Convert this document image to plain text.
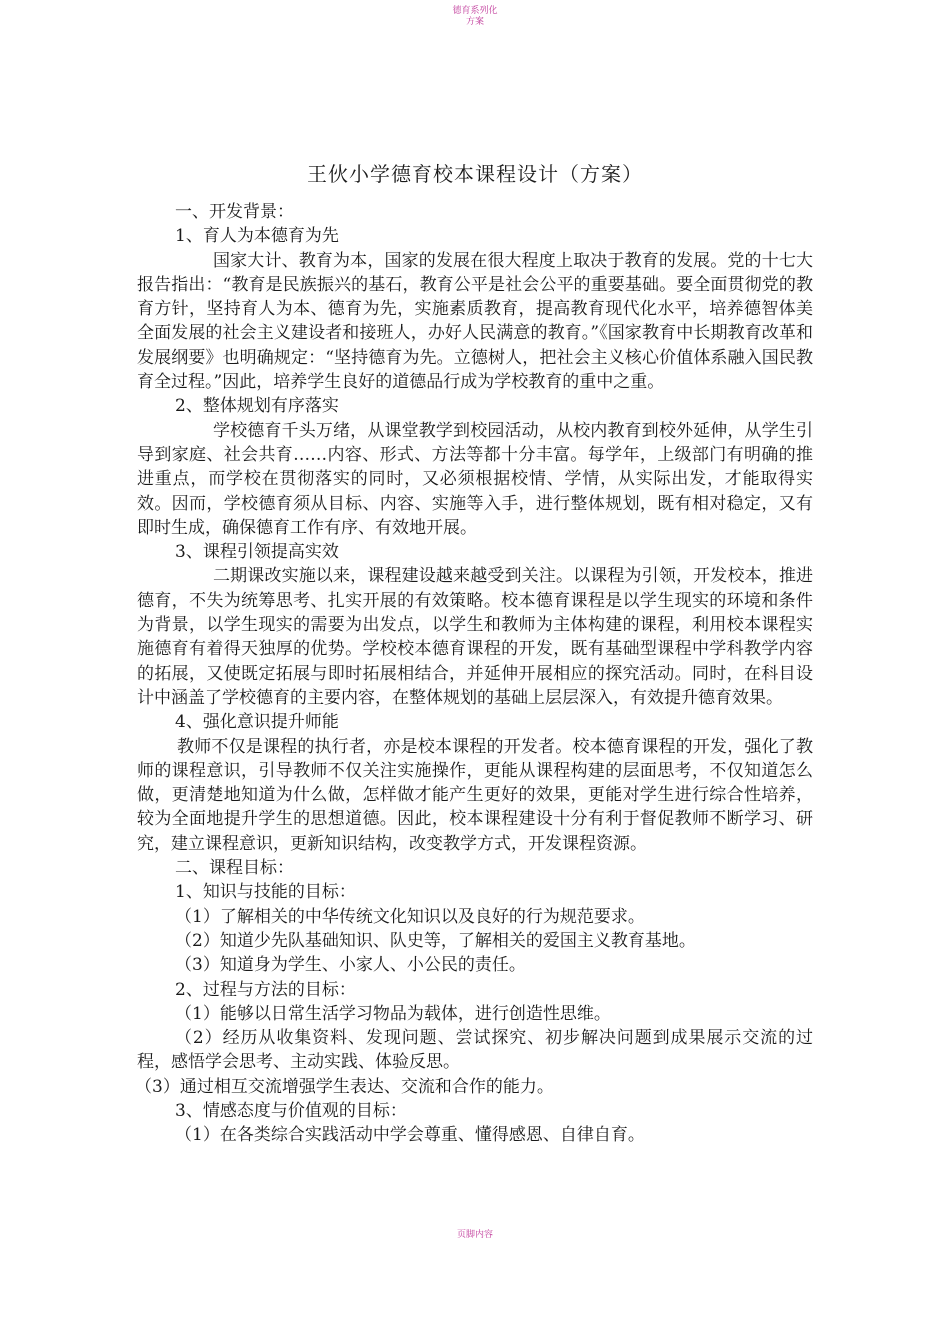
德育系列化
方案
王伙小学德育校本课程设计（方案）

一、开发背景：

1、育人为本德育为先

国家大计、教育为本，国家的发展在很大程度上取决于教育的发展。党的十七大报告指出：“教育是民族振兴的基石，教育公平是社会公平的重要基础。要全面贯彻党的教育方针，坚持育人为本、德育为先，实施素质教育，提高教育现代化水平，培养德智体美全面发展的社会主义建设者和接班人，办好人民满意的教育。”《国家教育中长期教育改革和发展纲要》也明确规定：“坚持德育为先。立德树人，把社会主义核心价值体系融入国民教育全过程。”因此，培养学生良好的道德品行成为学校教育的重中之重。

2、整体规划有序落实

学校德育千头万绪，从课堂教学到校园活动，从校内教育到校外延伸，从学生引导到家庭、社会共育……内容、形式、方法等都十分丰富。每学年，上级部门有明确的推进重点，而学校在贯彻落实的同时，又必须根据校情、学情，从实际出发，才能取得实效。因而，学校德育须从目标、内容、实施等入手，进行整体规划，既有相对稳定，又有即时生成，确保德育工作有序、有效地开展。

3、课程引领提高实效

二期课改实施以来，课程建设越来越受到关注。以课程为引领，开发校本，推进德育，不失为统筹思考、扎实开展的有效策略。校本德育课程是以学生现实的环境和条件为背景，以学生现实的需要为出发点，以学生和教师为主体构建的课程，利用校本课程实施德育有着得天独厚的优势。学校校本德育课程的开发，既有基础型课程中学科教学内容的拓展，又使既定拓展与即时拓展相结合，并延伸开展相应的探究活动。同时，在科目设计中涵盖了学校德育的主要内容，在整体规划的基础上层层深入，有效提升德育效果。

4、强化意识提升师能

教师不仅是课程的执行者，亦是校本课程的开发者。校本德育课程的开发，强化了教师的课程意识，引导教师不仅关注实施操作，更能从课程构建的层面思考，不仅知道怎么做，更清楚地知道为什么做，怎样做才能产生更好的效果，更能对学生进行综合性培养，较为全面地提升学生的思想道德。因此，校本课程建设十分有利于督促教师不断学习、研究，建立课程意识，更新知识结构，改变教学方式，开发课程资源。

二、课程目标：

1、知识与技能的目标：

（1）了解相关的中华传统文化知识以及良好的行为规范要求。

（2）知道少先队基础知识、队史等，了解相关的爱国主义教育基地。

（3）知道身为学生、小家人、小公民的责任。

2、过程与方法的目标：

（1）能够以日常生活学习物品为载体，进行创造性思维。

（2）经历从收集资料、发现问题、尝试探究、初步解决问题到成果展示交流的过程，感悟学会思考、主动实践、体验反思。

（3）通过相互交流增强学生表达、交流和合作的能力。

3、情感态度与价值观的目标：

（1）在各类综合实践活动中学会尊重、懂得感恩、自律自育。

页脚内容
